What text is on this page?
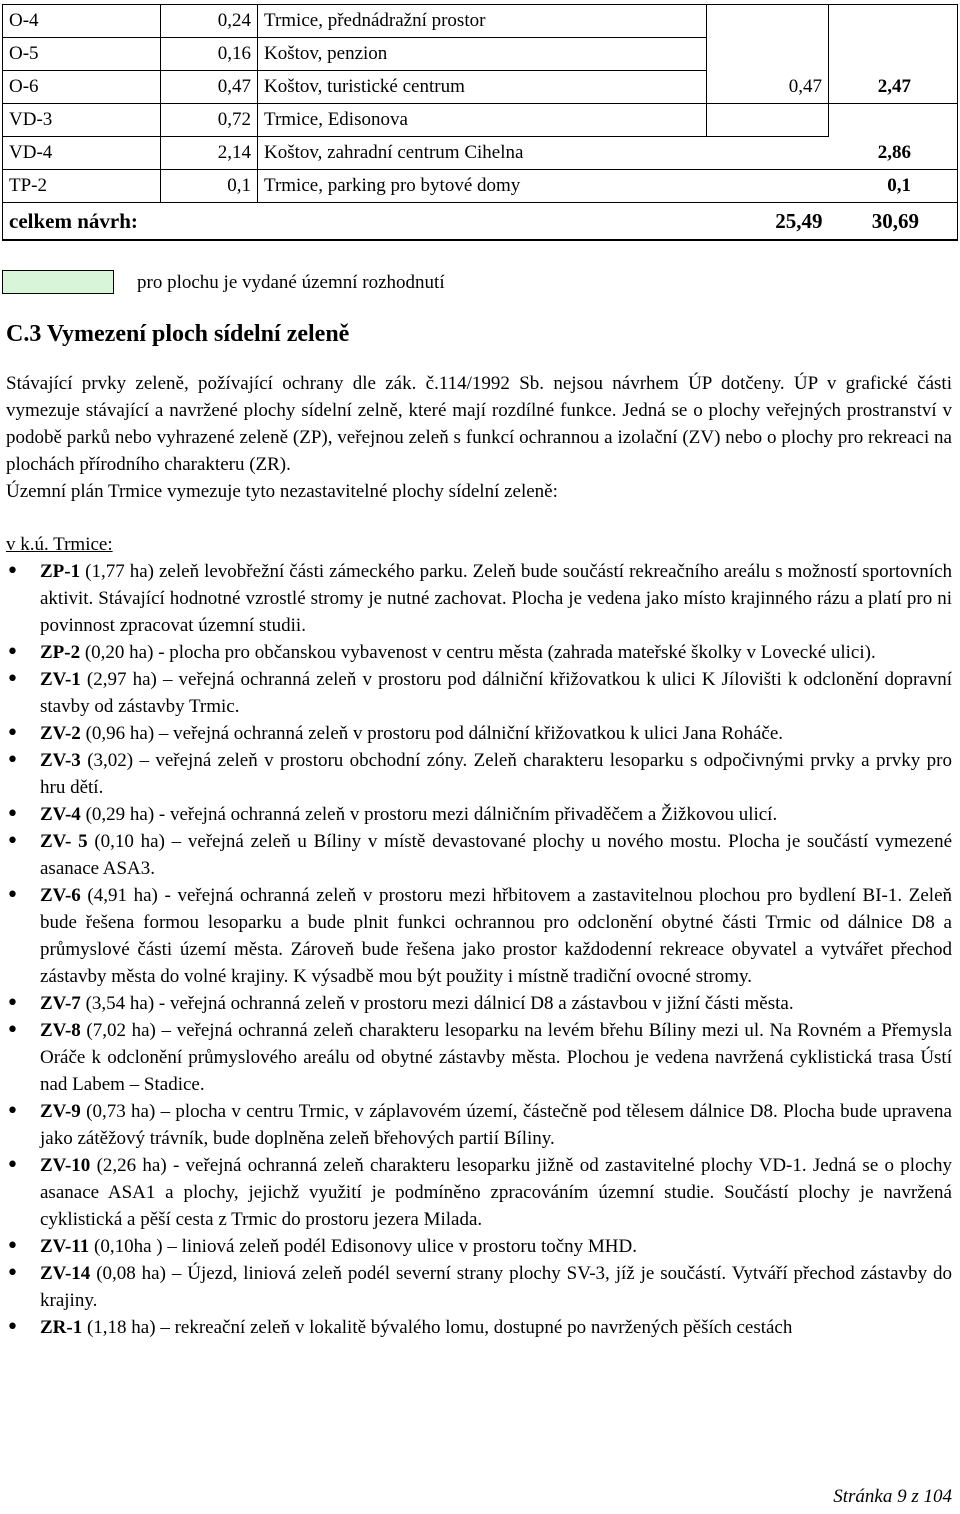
O-4	0,24	Trmice, přednádražní prostor		
O-5	0,16	Koštov, penzion		
O-6	0,47	Koštov, turistické centrum	0,47	2,47
VD-3	0,72	Trmice, Edisonova		
VD-4	2,14	Koštov, zahradní centrum Cihelna		2,86
TP-2	0,1	Trmice, parking pro bytové domy		0,1
celkem návrh:			25,49	30,69
pro plochu je vydané územní rozhodnutí
C.3 Vymezení ploch sídelní zeleně

Stávající prvky zeleně, požívající ochrany dle zák. č.114/1992 Sb. nejsou návrhem ÚP dotčeny. ÚP v grafické části vymezuje stávající a navržené plochy sídelní zelně, které mají rozdílné funkce. Jedná se o plochy veřejných prostranství v podobě parků nebo vyhrazené zeleně (ZP), veřejnou zeleň s funkcí ochrannou a izolační (ZV) nebo o plochy pro rekreaci na plochách přírodního charakteru (ZR).

Územní plán Trmice vymezuje tyto nezastavitelné plochy sídelní zeleně:

v k.ú. Trmice:

• ZP-1 (1,77 ha) zeleň levobřežní části zámeckého parku. Zeleň bude součástí rekreačního areálu s možností sportovních aktivit. Stávající hodnotné vzrostlé stromy je nutné zachovat. Plocha je vedena jako místo krajinného rázu a platí pro ni povinnost zpracovat územní studii.
• ZP-2 (0,20 ha) - plocha pro občanskou vybavenost v centru města (zahrada mateřské školky v Lovecké ulici).
• ZV-1 (2,97 ha) – veřejná ochranná zeleň v prostoru pod dálniční křižovatkou k ulici K Jílovišti k odclonění dopravní stavby od zástavby Trmic.
• ZV-2 (0,96 ha) – veřejná ochranná zeleň v prostoru pod dálniční křižovatkou k ulici Jana Roháče.
• ZV-3 (3,02) – veřejná zeleň v prostoru obchodní zóny. Zeleň charakteru lesoparku s odpočivnými prvky a prvky pro hru dětí.
• ZV-4 (0,29 ha) - veřejná ochranná zeleň v prostoru mezi dálničním přivaděčem a Žižkovou ulicí.
• ZV- 5 (0,10 ha) – veřejná zeleň u Bíliny v místě devastované plochy u nového mostu. Plocha je součástí vymezené asanace ASA3.
• ZV-6 (4,91 ha) - veřejná ochranná zeleň v prostoru mezi hřbitovem a zastavitelnou plochou pro bydlení BI-1. Zeleň bude řešena formou lesoparku a bude plnit funkci ochrannou pro odclonění obytné části Trmic od dálnice D8 a průmyslové části území města. Zároveň bude řešena jako prostor každodenní rekreace obyvatel a vytvářet přechod zástavby města do volné krajiny. K výsadbě mou být použity i místně tradiční ovocné stromy.
• ZV-7 (3,54 ha) - veřejná ochranná zeleň v prostoru mezi dálnicí D8 a zástavbou v jižní části města.
• ZV-8 (7,02 ha) – veřejná ochranná zeleň charakteru lesoparku na levém břehu Bíliny mezi ul. Na Rovném a Přemysla Oráče k odclonění průmyslového areálu od obytné zástavby města. Plochou je vedena navržená cyklistická trasa Ústí nad Labem – Stadice.
• ZV-9 (0,73 ha) – plocha v centru Trmic, v záplavovém území, částečně pod tělesem dálnice D8. Plocha bude upravena jako zátěžový trávník, bude doplněna zeleň břehových partií Bíliny.
• ZV-10 (2,26 ha) - veřejná ochranná zeleň charakteru lesoparku jižně od zastavitelné plochy VD-1. Jedná se o plochy asanace ASA1 a plochy, jejichž využití je podmíněno zpracováním územní studie. Součástí plochy je navržená cyklistická a pěší cesta z Trmic do prostoru jezera Milada.
• ZV-11 (0,10ha ) – liniová zeleň podél Edisonovy ulice v prostoru točny MHD.
• ZV-14 (0,08 ha) – Újezd, liniová zeleň podél severní strany plochy SV-3, jíž je součástí. Vytváří přechod zástavby do krajiny.
• ZR-1 (1,18 ha) – rekreační zeleň v lokalitě bývalého lomu, dostupné po navržených pěších cestách
Stránka 9 z 104
